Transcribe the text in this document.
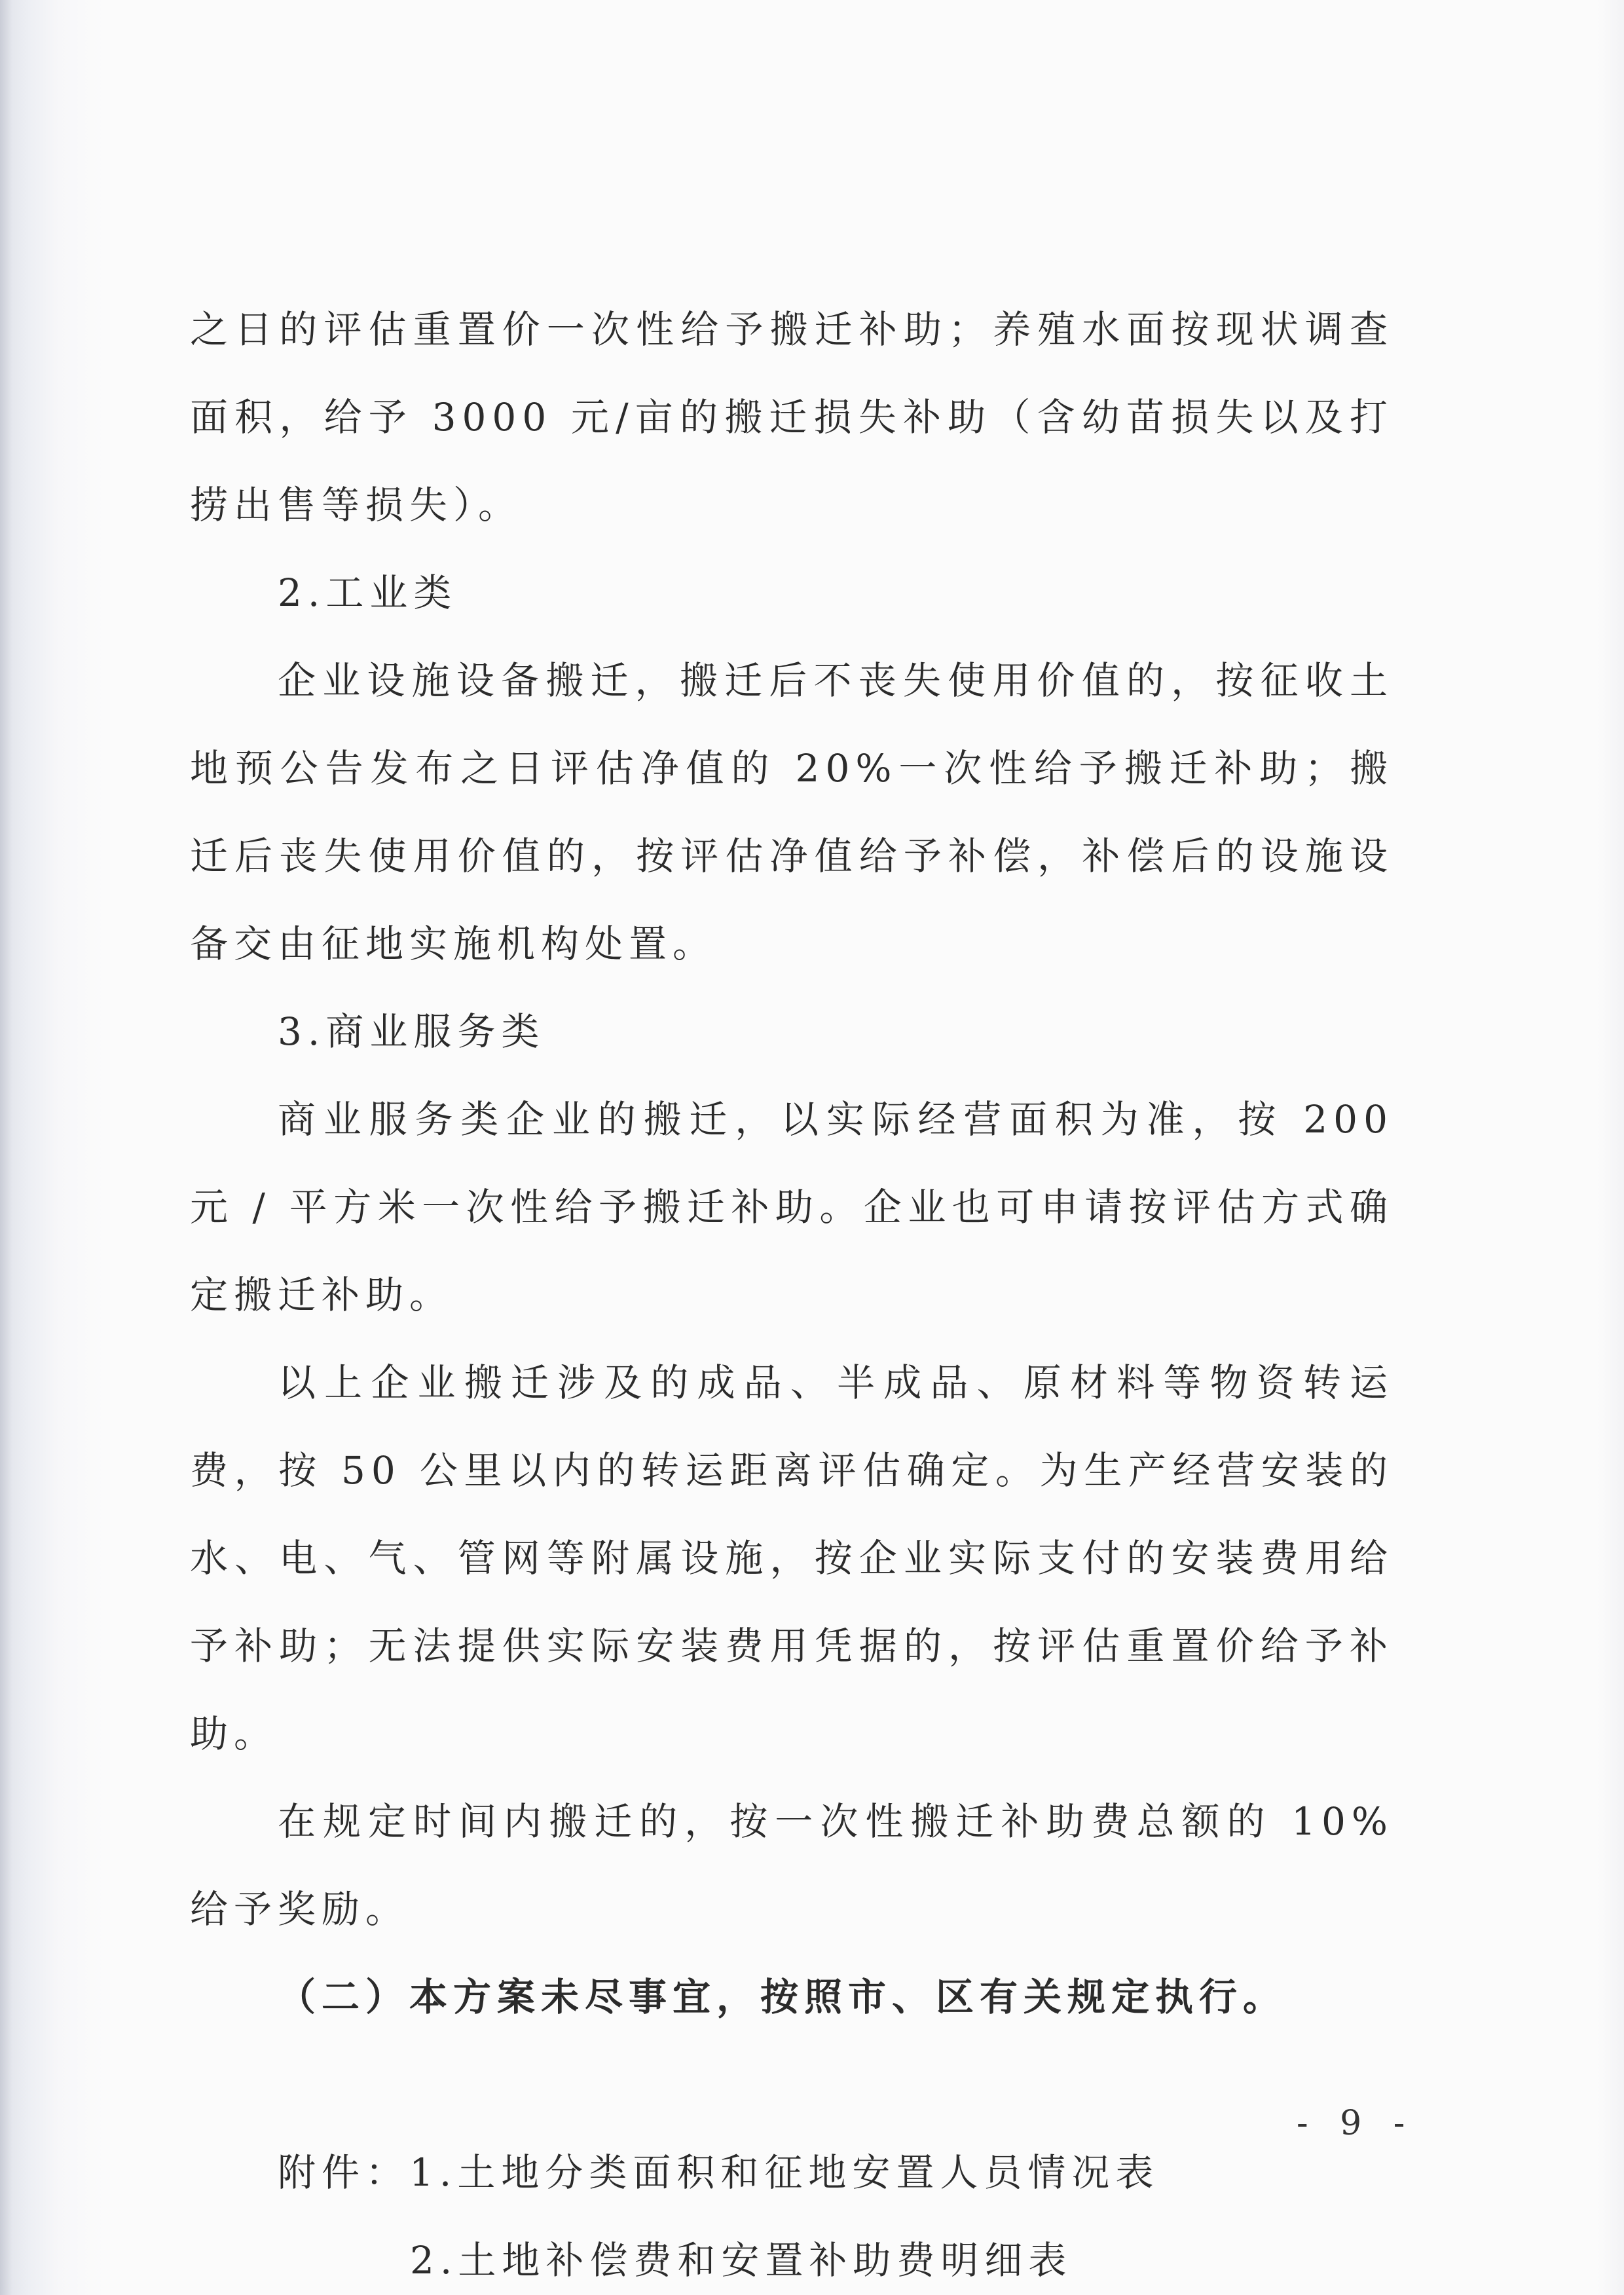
之日的评估重置价一次性给予搬迁补助；养殖水面按现状调查面积，给予 3000 元/亩的搬迁损失补助（含幼苗损失以及打捞出售等损失）。

2.工业类

企业设施设备搬迁，搬迁后不丧失使用价值的，按征收土地预公告发布之日评估净值的 20%一次性给予搬迁补助；搬迁后丧失使用价值的，按评估净值给予补偿，补偿后的设施设备交由征地实施机构处置。

3.商业服务类

商业服务类企业的搬迁，以实际经营面积为准，按 200 元 / 平方米一次性给予搬迁补助。企业也可申请按评估方式确定搬迁补助。

以上企业搬迁涉及的成品、半成品、原材料等物资转运费，按 50 公里以内的转运距离评估确定。为生产经营安装的水、电、气、管网等附属设施，按企业实际支付的安装费用给予补助；无法提供实际安装费用凭据的，按评估重置价给予补助。

在规定时间内搬迁的，按一次性搬迁补助费总额的 10%给予奖励。

（二）本方案未尽事宜，按照市、区有关规定执行。

附件：1.土地分类面积和征地安置人员情况表

2.土地补偿费和安置补助费明细表

- 9 -
